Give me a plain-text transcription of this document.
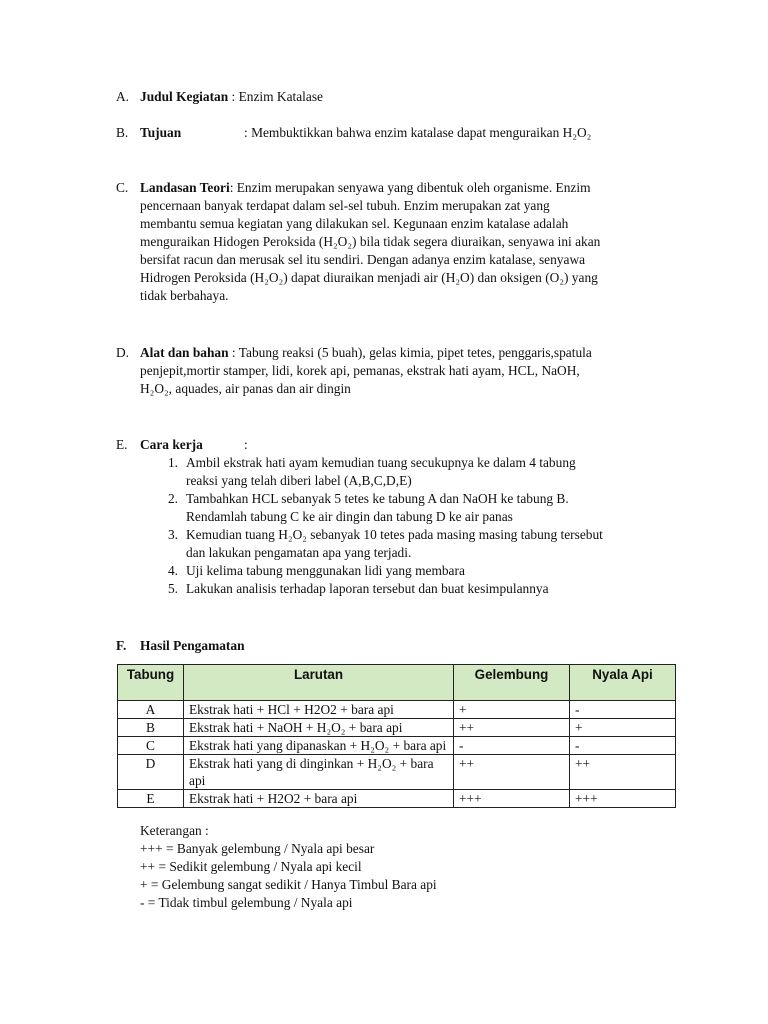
A. Judul Kegiatan : Enzim Katalase
B. Tujuan	: Membuktikkan bahwa enzim katalase dapat menguraikan H₂O₂
C. Landasan Teori: Enzim merupakan senyawa yang dibentuk oleh organisme. Enzim
pencernaan banyak terdapat dalam sel-sel tubuh. Enzim merupakan zat yang
membantu semua kegiatan yang dilakukan sel. Kegunaan enzim katalase adalah
menguraikan Hidogen Peroksida (H₂O₂) bila tidak segera diuraikan, senyawa ini akan
bersifat racun dan merusak sel itu sendiri. Dengan adanya enzim katalase, senyawa
Hidrogen Peroksida (H₂O₂) dapat diuraikan menjadi air (H₂O) dan oksigen (O₂) yang
tidak berbahaya.
D. Alat dan bahan : Tabung reaksi (5 buah), gelas kimia, pipet tetes, penggaris,spatula
penjepit,mortir stamper, lidi, korek api, pemanas, ekstrak hati ayam, HCL, NaOH,
H₂O₂, aquades, air panas dan air dingin
E. Cara kerja	:
1. Ambil ekstrak hati ayam kemudian tuang secukupnya ke dalam 4 tabung
reaksi yang telah diberi label (A,B,C,D,E)
2. Tambahkan HCL sebanyak 5 tetes ke tabung A dan NaOH ke tabung B.
Rendamlah tabung C ke air dingin dan tabung D ke air panas
3. Kemudian tuang H₂O₂ sebanyak 10 tetes pada masing masing tabung tersebut
dan lakukan pengamatan apa yang terjadi.
4. Uji kelima tabung menggunakan lidi yang membara
5. Lakukan analisis terhadap laporan tersebut dan buat kesimpulannya
F. Hasil Pengamatan
Tabung	Larutan	Gelembung	Nyala Api
A	Ekstrak hati + HCl + H2O2 + bara api	+	-
B	Ekstrak hati + NaOH + H₂O₂ + bara api	++	+
C	Ekstrak hati yang dipanaskan + H₂O₂ + bara api	-	-
D	Ekstrak hati yang di dinginkan + H₂O₂ + bara api	++	++
E	Ekstrak hati + H2O2 + bara api	+++	+++
Keterangan :
+++ = Banyak gelembung / Nyala api besar
++ = Sedikit gelembung / Nyala api kecil
+ = Gelembung sangat sedikit / Hanya Timbul Bara api
- = Tidak timbul gelembung / Nyala api
